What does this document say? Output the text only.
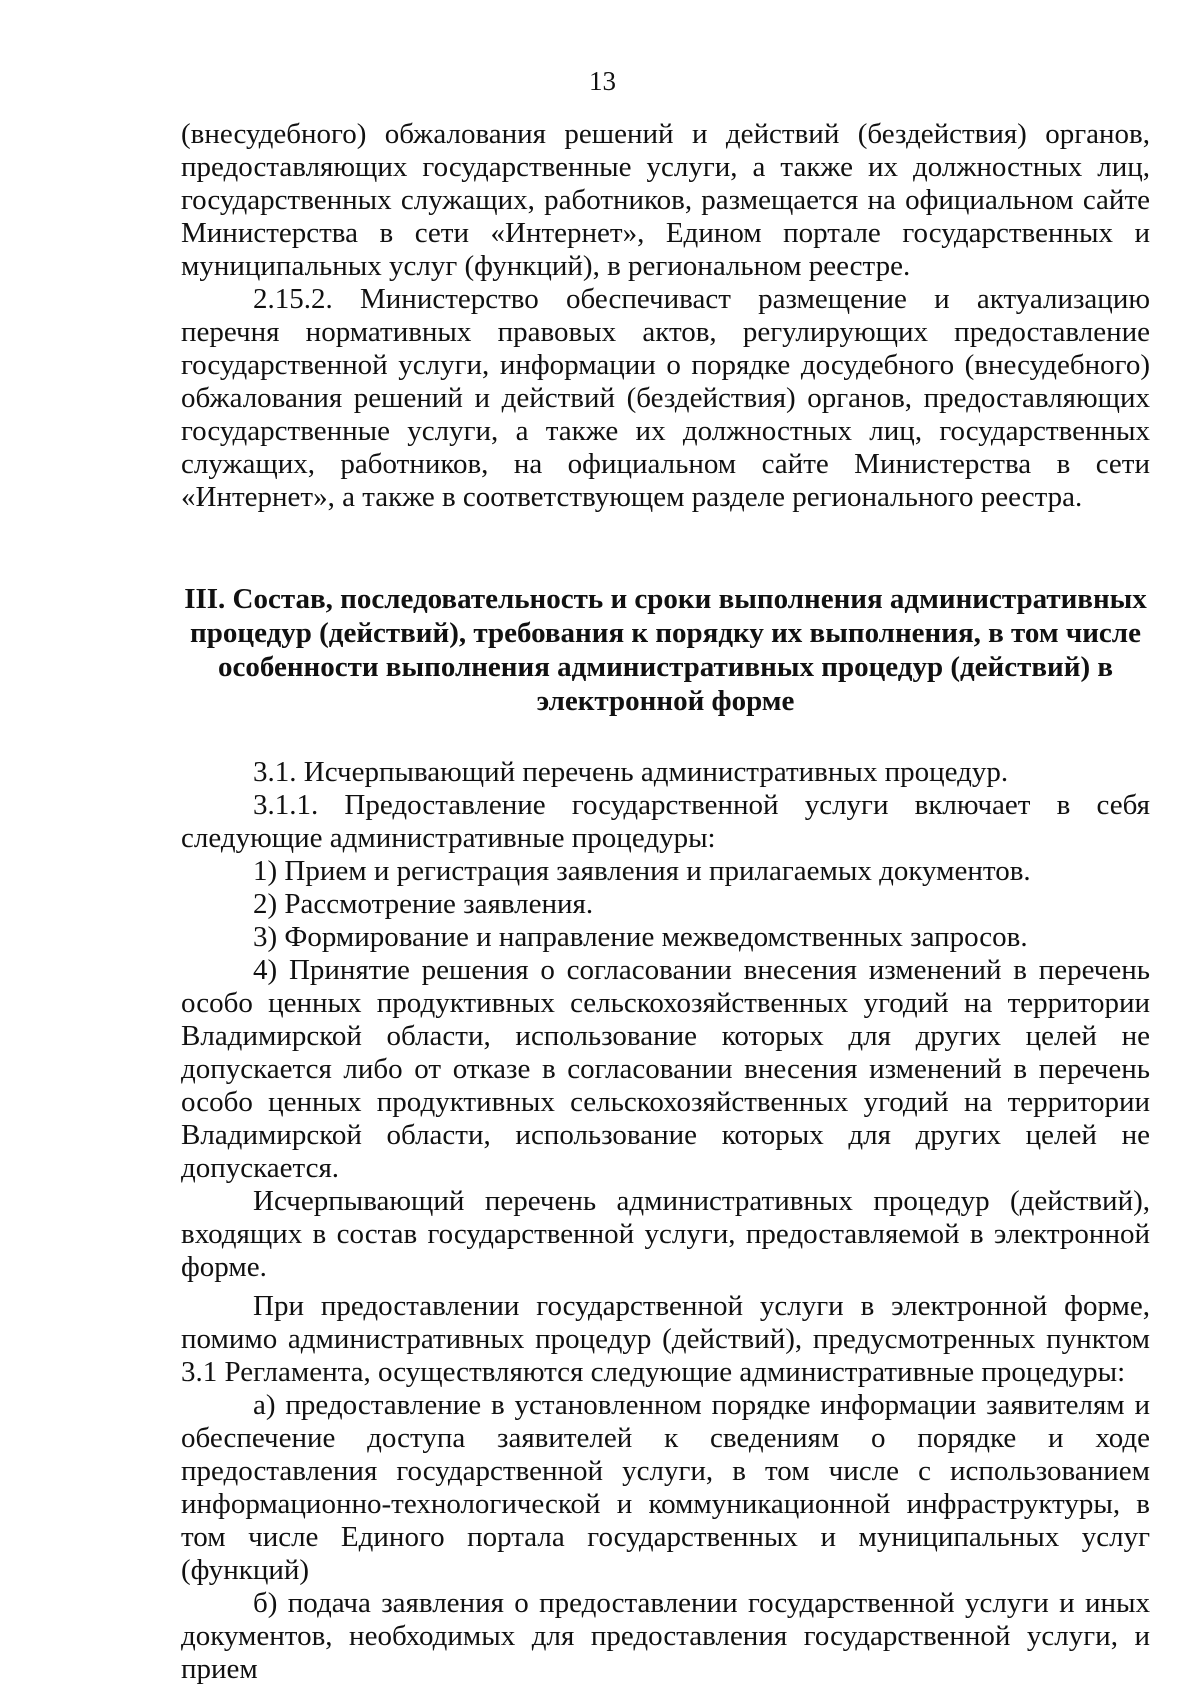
13

(внесудебного) обжалования решений и действий (бездействия) органов, предоставляющих государственные услуги, а также их должностных лиц, государственных служащих, работников, размещается на официальном сайте Министерства в сети «Интернет», Едином портале государственных и муниципальных услуг (функций), в региональном реестре.

2.15.2. Министерство обеспечиваст размещение и актуализацию перечня нормативных правовых актов, регулирующих предоставление государственной услуги, информации о порядке досудебного (внесудебного) обжалования решений и действий (бездействия) органов, предоставляющих государственные услуги, а также их должностных лиц, государственных служащих, работников, на официальном сайте Министерства в сети «Интернет», а также в соответствующем разделе регионального реестра.

III. Состав, последовательность и сроки выполнения административных процедур (действий), требования к порядку их выполнения, в том числе особенности выполнения административных процедур (действий) в электронной форме

3.1. Исчерпывающий перечень административных процедур.

3.1.1. Предоставление государственной услуги включает в себя следующие административные процедуры:

1) Прием и регистрация заявления и прилагаемых документов.

2) Рассмотрение заявления.

3) Формирование и направление межведомственных запросов.

4) Принятие решения о согласовании внесения изменений в перечень особо ценных продуктивных сельскохозяйственных угодий на территории Владимирской области, использование которых для других целей не допускается либо от отказе в согласовании внесения изменений в перечень особо ценных продуктивных сельскохозяйственных угодий на территории Владимирской области, использование которых для других целей не допускается.

Исчерпывающий перечень административных процедур (действий), входящих в состав государственной услуги, предоставляемой в электронной форме.

При предоставлении государственной услуги в электронной форме, помимо административных процедур (действий), предусмотренных пунктом 3.1 Регламента, осуществляются следующие административные процедуры:

а) предоставление в установленном порядке информации заявителям и обеспечение доступа заявителей к сведениям о порядке и ходе предоставления государственной услуги, в том числе с использованием информационно-технологической и коммуникационной инфраструктуры, в том числе Единого портала государственных и муниципальных услуг (функций)

б) подача заявления о предоставлении государственной услуги и иных документов, необходимых для предоставления государственной услуги, и прием
